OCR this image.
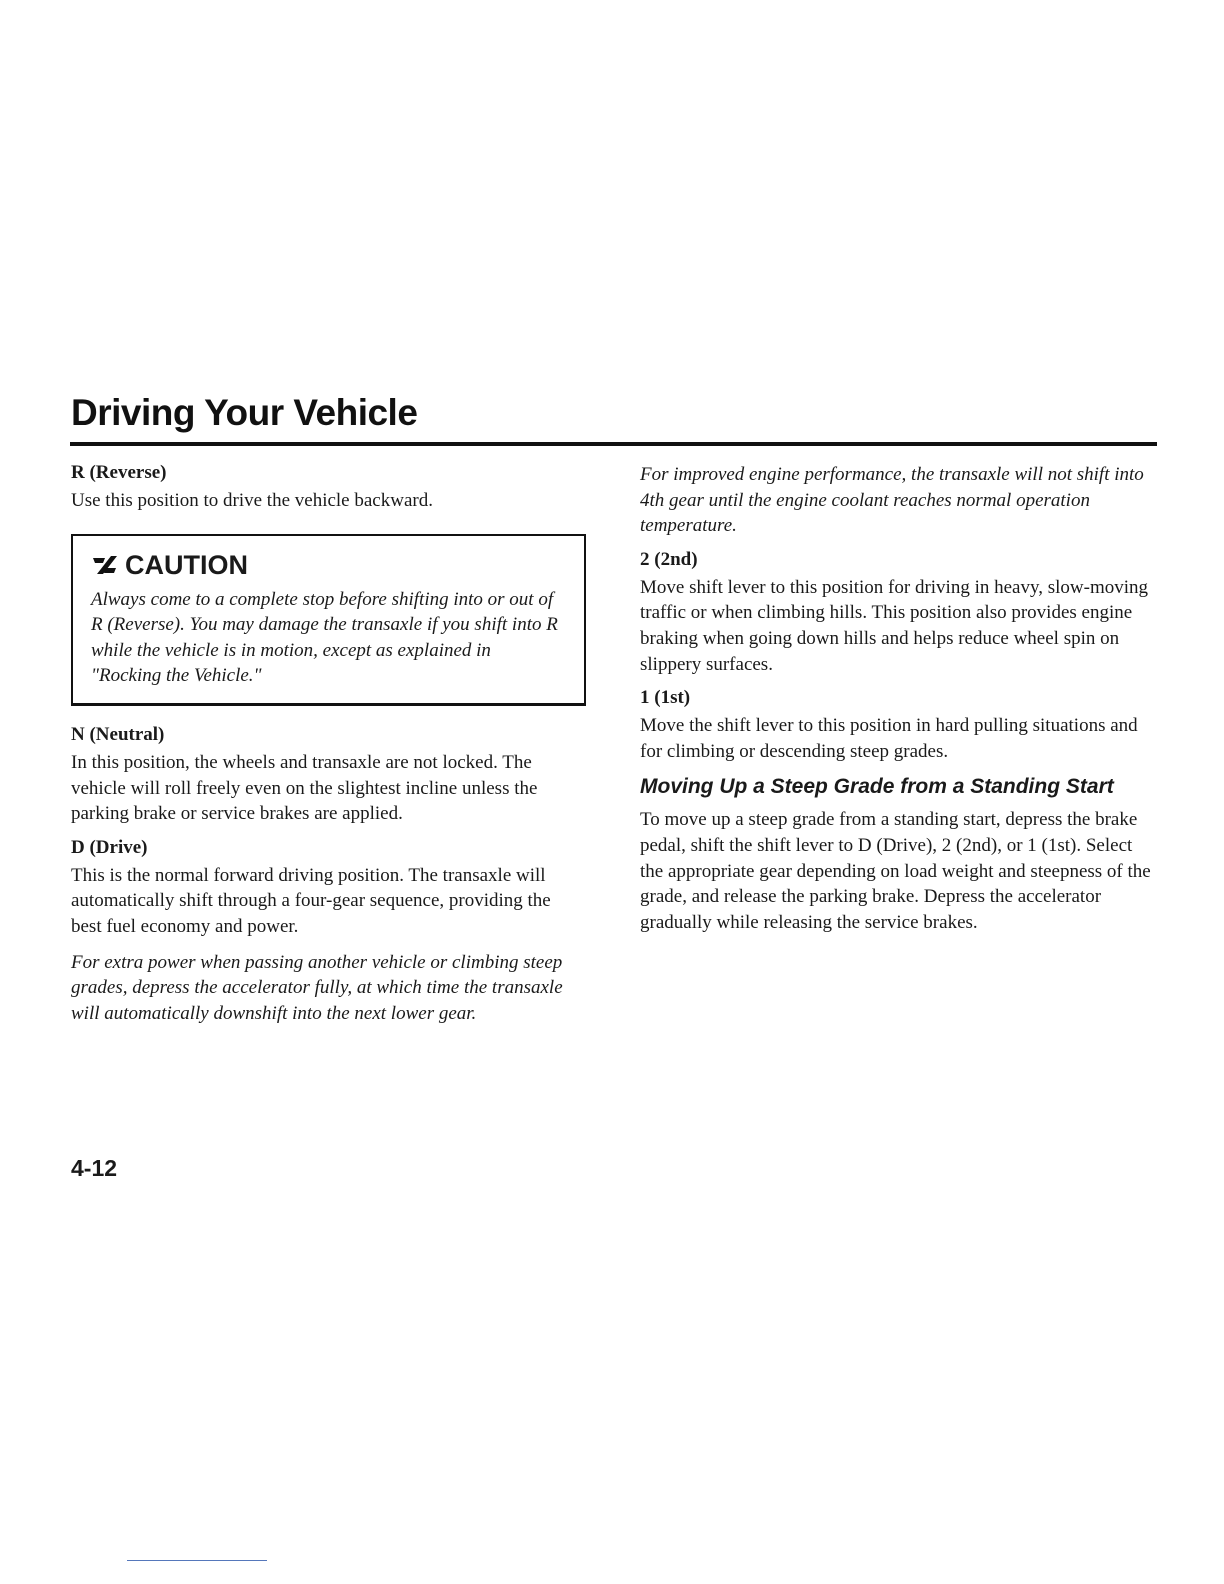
Driving Your Vehicle
R (Reverse)

Use this position to drive the vehicle backward.

CAUTION

Always come to a complete stop before shifting into or out of R (Reverse). You may damage the transaxle if you shift into R while the vehicle is in motion, except as explained in "Rocking the Vehicle."

N (Neutral)

In this position, the wheels and transaxle are not locked. The vehicle will roll freely even on the slightest incline unless the parking brake or service brakes are applied.

D (Drive)

This is the normal forward driving position. The transaxle will automatically shift through a four-gear sequence, providing the best fuel economy and power.

For extra power when passing another vehicle or climbing steep grades, depress the accelerator fully, at which time the transaxle will automatically downshift into the next lower gear.

For improved engine performance, the transaxle will not shift into 4th gear until the engine coolant reaches normal operation temperature.

2 (2nd)

Move shift lever to this position for driving in heavy, slow-moving traffic or when climbing hills. This position also provides engine braking when going down hills and helps reduce wheel spin on slippery surfaces.

1 (1st)

Move the shift lever to this position in hard pulling situations and for climbing or descending steep grades.

Moving Up a Steep Grade from a Standing Start

To move up a steep grade from a standing start, depress the brake pedal, shift the shift lever to D (Drive), 2 (2nd), or 1 (1st). Select the appropriate gear depending on load weight and steepness of the grade, and release the parking brake. Depress the accelerator gradually while releasing the service brakes.

4-12
